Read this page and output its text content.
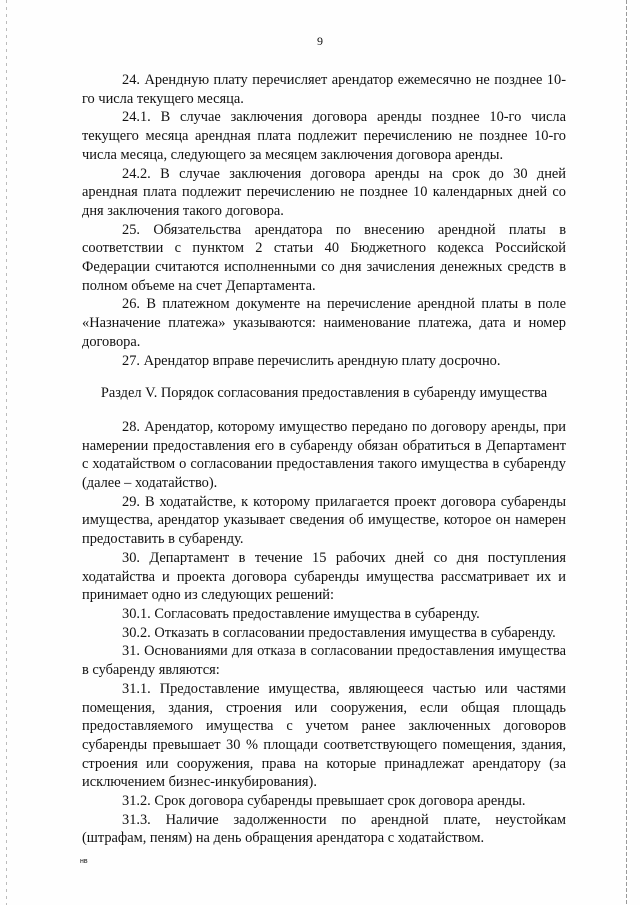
9

24. Арендную плату перечисляет арендатор ежемесячно не позднее 10-го числа текущего месяца.

24.1. В случае заключения договора аренды позднее 10-го числа текущего месяца арендная плата подлежит перечислению не позднее 10-го числа месяца, следующего за месяцем заключения договора аренды.

24.2. В случае заключения договора аренды на срок до 30 дней арендная плата подлежит перечислению не позднее 10 календарных дней со дня заключения такого договора.

25. Обязательства арендатора по внесению арендной платы в соответствии с пунктом 2 статьи 40 Бюджетного кодекса Российской Федерации считаются исполненными со дня зачисления денежных средств в полном объеме на счет Департамента.

26. В платежном документе на перечисление арендной платы в поле «Назначение платежа» указываются: наименование платежа, дата и номер договора.

27. Арендатор вправе перечислить арендную плату досрочно.

Раздел V. Порядок согласования предоставления в субаренду имущества

28. Арендатор, которому имущество передано по договору аренды, при намерении предоставления его в субаренду обязан обратиться в Департамент с ходатайством о согласовании предоставления такого имущества в субаренду (далее – ходатайство).

29. В ходатайстве, к которому прилагается проект договора субаренды имущества, арендатор указывает сведения об имуществе, которое он намерен предоставить в субаренду.

30. Департамент в течение 15 рабочих дней со дня поступления ходатайства и проекта договора субаренды имущества рассматривает их и принимает одно из следующих решений:

30.1. Согласовать предоставление имущества в субаренду.

30.2. Отказать в согласовании предоставления имущества в субаренду.

31. Основаниями для отказа в согласовании предоставления имущества в субаренду являются:

31.1. Предоставление имущества, являющееся частью или частями помещения, здания, строения или сооружения, если общая площадь предоставляемого имущества с учетом ранее заключенных договоров субаренды превышает 30 % площади соответствующего помещения, здания, строения или сооружения, права на которые принадлежат арендатору (за исключением бизнес-инкубирования).

31.2. Срок договора субаренды превышает срок договора аренды.

31.3. Наличие задолженности по арендной плате, неустойкам (штрафам, пеням) на день обращения арендатора с ходатайством.

нв
